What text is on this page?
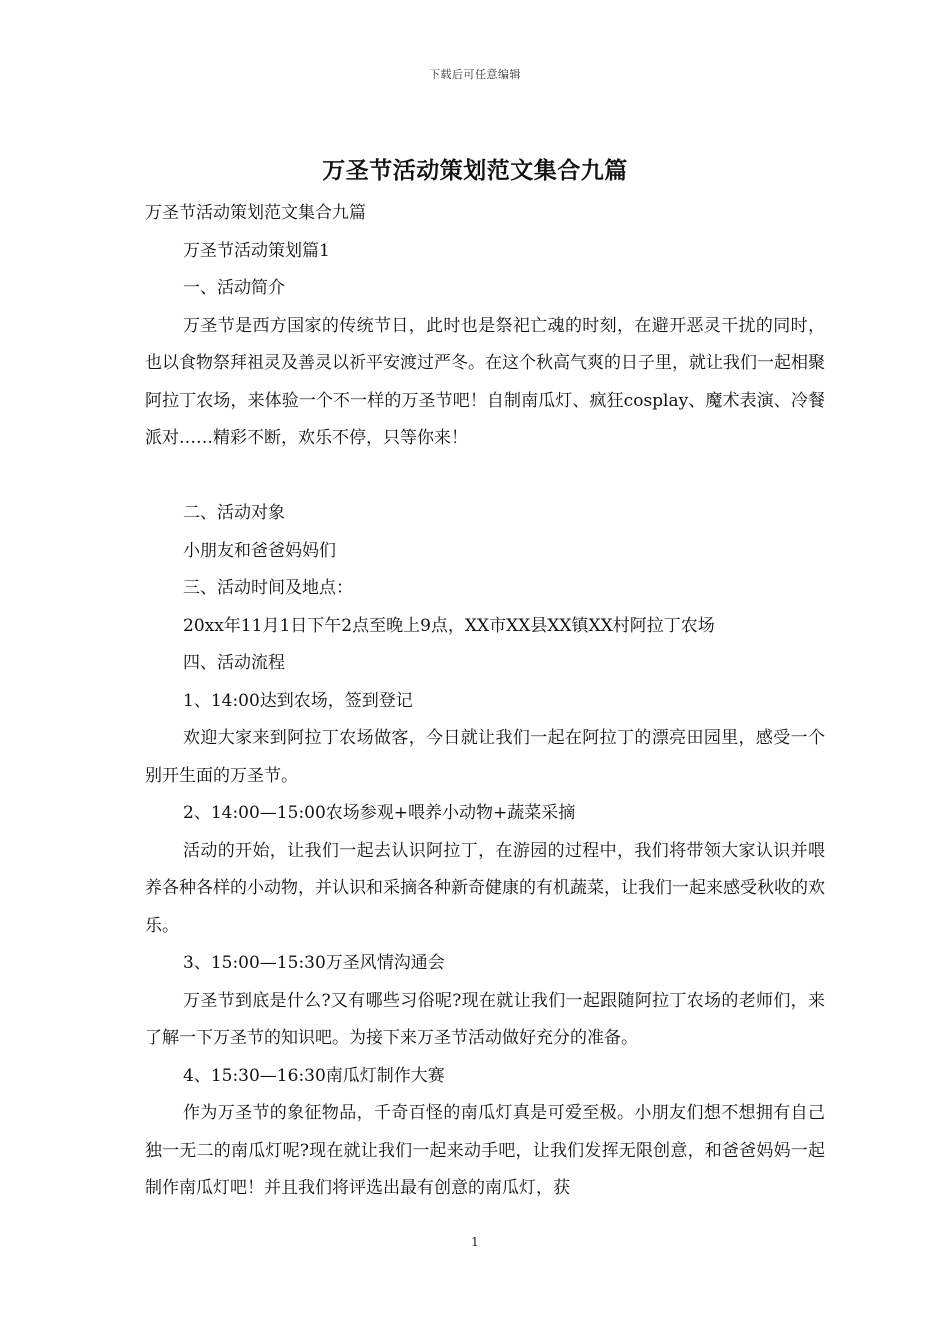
下载后可任意编辑
万圣节活动策划范文集合九篇

万圣节活动策划范文集合九篇

万圣节活动策划篇1

一、活动简介

万圣节是西方国家的传统节日，此时也是祭祀亡魂的时刻，在避开恶灵干扰的同时，也以食物祭拜祖灵及善灵以祈平安渡过严冬。在这个秋高气爽的日子里，就让我们一起相聚阿拉丁农场，来体验一个不一样的万圣节吧！自制南瓜灯、疯狂cosplay、魔术表演、冷餐派对……精彩不断，欢乐不停，只等你来！

二、活动对象

小朋友和爸爸妈妈们

三、活动时间及地点：

20xx年11月1日下午2点至晚上9点，XX市XX县XX镇XX村阿拉丁农场

四、活动流程

1、14:00达到农场，签到登记

欢迎大家来到阿拉丁农场做客，今日就让我们一起在阿拉丁的漂亮田园里，感受一个别开生面的万圣节。

2、14:00—15:00农场参观+喂养小动物+蔬菜采摘

活动的开始，让我们一起去认识阿拉丁，在游园的过程中，我们将带领大家认识并喂养各种各样的小动物，并认识和采摘各种新奇健康的有机蔬菜，让我们一起来感受秋收的欢乐。

3、15:00—15:30万圣风情沟通会

万圣节到底是什么?又有哪些习俗呢?现在就让我们一起跟随阿拉丁农场的老师们，来了解一下万圣节的知识吧。为接下来万圣节活动做好充分的准备。

4、15:30—16:30南瓜灯制作大赛

作为万圣节的象征物品，千奇百怪的南瓜灯真是可爱至极。小朋友们想不想拥有自己独一无二的南瓜灯呢?现在就让我们一起来动手吧，让我们发挥无限创意，和爸爸妈妈一起制作南瓜灯吧！并且我们将评选出最有创意的南瓜灯，获

1
